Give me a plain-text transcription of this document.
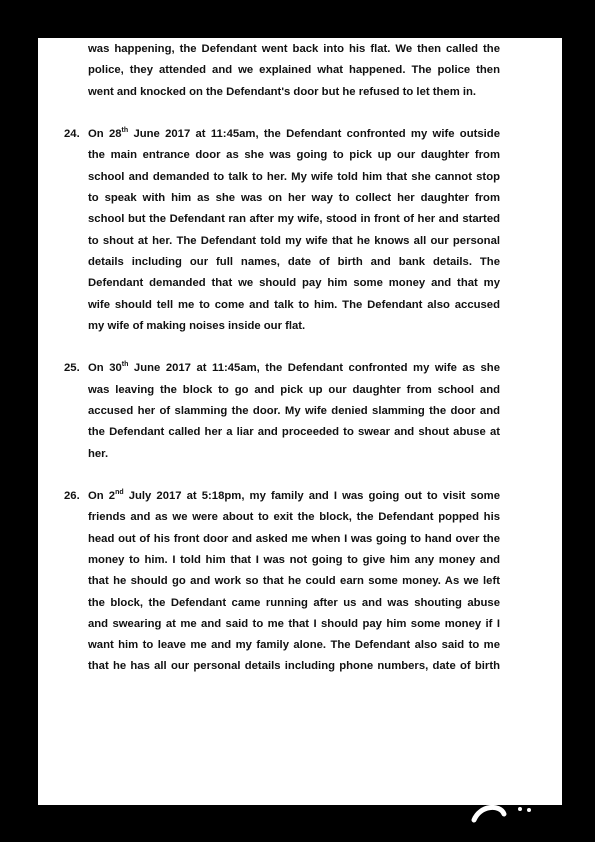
was happening, the Defendant went back into his flat. We then called the
police, they attended and we explained what happened. The police then
went and knocked on the Defendant's door but he refused to let them in.
24. On 28th June 2017 at 11:45am, the Defendant confronted my wife outside
the main entrance door as she was going to pick up our daughter from
school and demanded to talk to her. My wife told him that she cannot stop
to speak with him as she was on her way to collect her daughter from
school but the Defendant ran after my wife, stood in front of her and started
to shout at her. The Defendant told my wife that he knows all our personal
details including our full names, date of birth and bank details. The
Defendant demanded that we should pay him some money and that my
wife should tell me to come and talk to him. The Defendant also accused
my wife of making noises inside our flat.
25. On 30th June 2017 at 11:45am, the Defendant confronted my wife as she
was leaving the block to go and pick up our daughter from school and
accused her of slamming the door. My wife denied slamming the door and
the Defendant called her a liar and proceeded to swear and shout abuse at
her.
26. On 2nd July 2017 at 5:18pm, my family and I was going out to visit some
friends and as we were about to exit the block, the Defendant popped his
head out of his front door and asked me when I was going to hand over the
money to him. I told him that I was not going to give him any money and
that he should go and work so that he could earn some money. As we left
the block, the Defendant came running after us and was shouting abuse
and swearing at me and said to me that I should pay him some money if I
want him to leave me and my family alone. The Defendant also said to me
that he has all our personal details including phone numbers, date of birth
